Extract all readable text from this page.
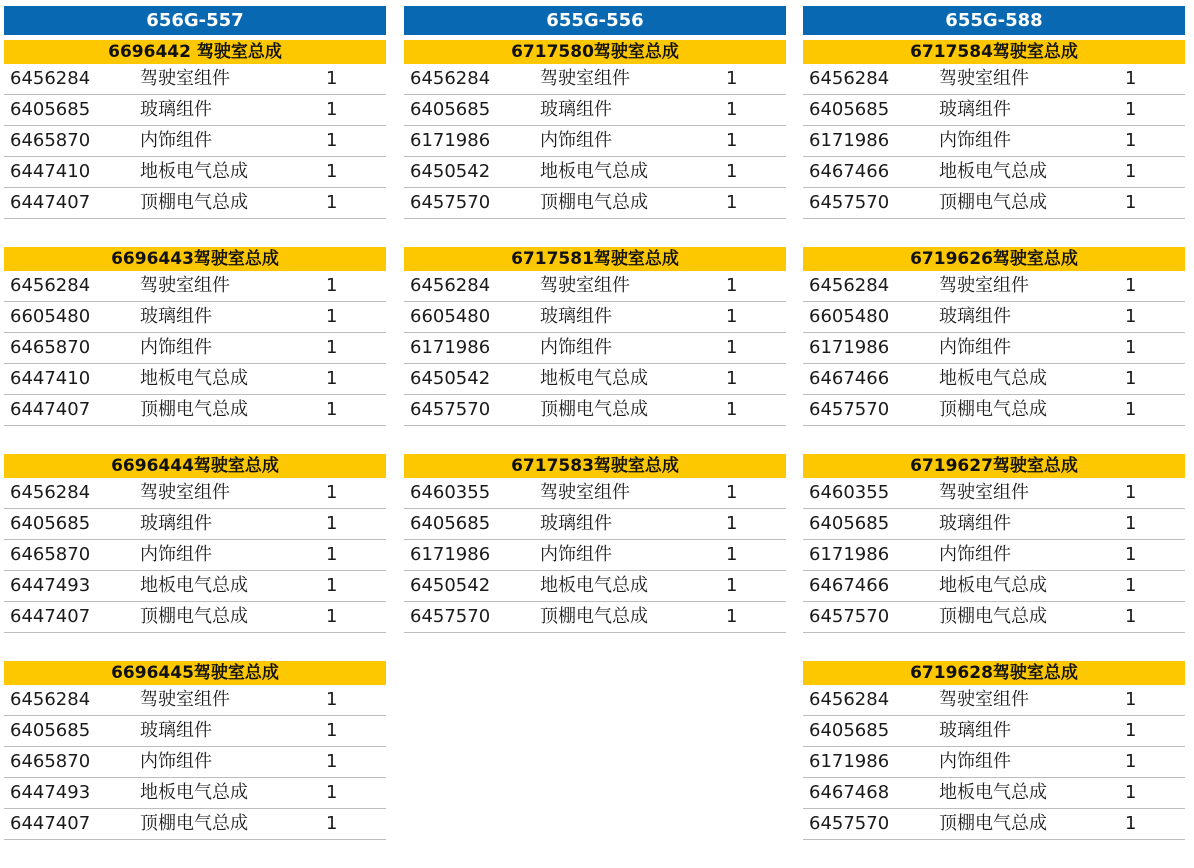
656G-557
6696442 驾驶室总成
6456284	驾驶室组件	1
6405685	玻璃组件	1
6465870	内饰组件	1
6447410	地板电气总成	1
6447407	顶棚电气总成	1
6696443驾驶室总成
6456284	驾驶室组件	1
6605480	玻璃组件	1
6465870	内饰组件	1
6447410	地板电气总成	1
6447407	顶棚电气总成	1
6696444驾驶室总成
6456284	驾驶室组件	1
6405685	玻璃组件	1
6465870	内饰组件	1
6447493	地板电气总成	1
6447407	顶棚电气总成	1
6696445驾驶室总成
6456284	驾驶室组件	1
6405685	玻璃组件	1
6465870	内饰组件	1
6447493	地板电气总成	1
6447407	顶棚电气总成	1
655G-556
6717580驾驶室总成
6456284	驾驶室组件	1
6405685	玻璃组件	1
6171986	内饰组件	1
6450542	地板电气总成	1
6457570	顶棚电气总成	1
6717581驾驶室总成
6456284	驾驶室组件	1
6605480	玻璃组件	1
6171986	内饰组件	1
6450542	地板电气总成	1
6457570	顶棚电气总成	1
6717583驾驶室总成
6460355	驾驶室组件	1
6405685	玻璃组件	1
6171986	内饰组件	1
6450542	地板电气总成	1
6457570	顶棚电气总成	1
655G-588
6717584驾驶室总成
6456284	驾驶室组件	1
6405685	玻璃组件	1
6171986	内饰组件	1
6467466	地板电气总成	1
6457570	顶棚电气总成	1
6719626驾驶室总成
6456284	驾驶室组件	1
6605480	玻璃组件	1
6171986	内饰组件	1
6467466	地板电气总成	1
6457570	顶棚电气总成	1
6719627驾驶室总成
6460355	驾驶室组件	1
6405685	玻璃组件	1
6171986	内饰组件	1
6467466	地板电气总成	1
6457570	顶棚电气总成	1
6719628驾驶室总成
6456284	驾驶室组件	1
6405685	玻璃组件	1
6171986	内饰组件	1
6467468	地板电气总成	1
6457570	顶棚电气总成	1
